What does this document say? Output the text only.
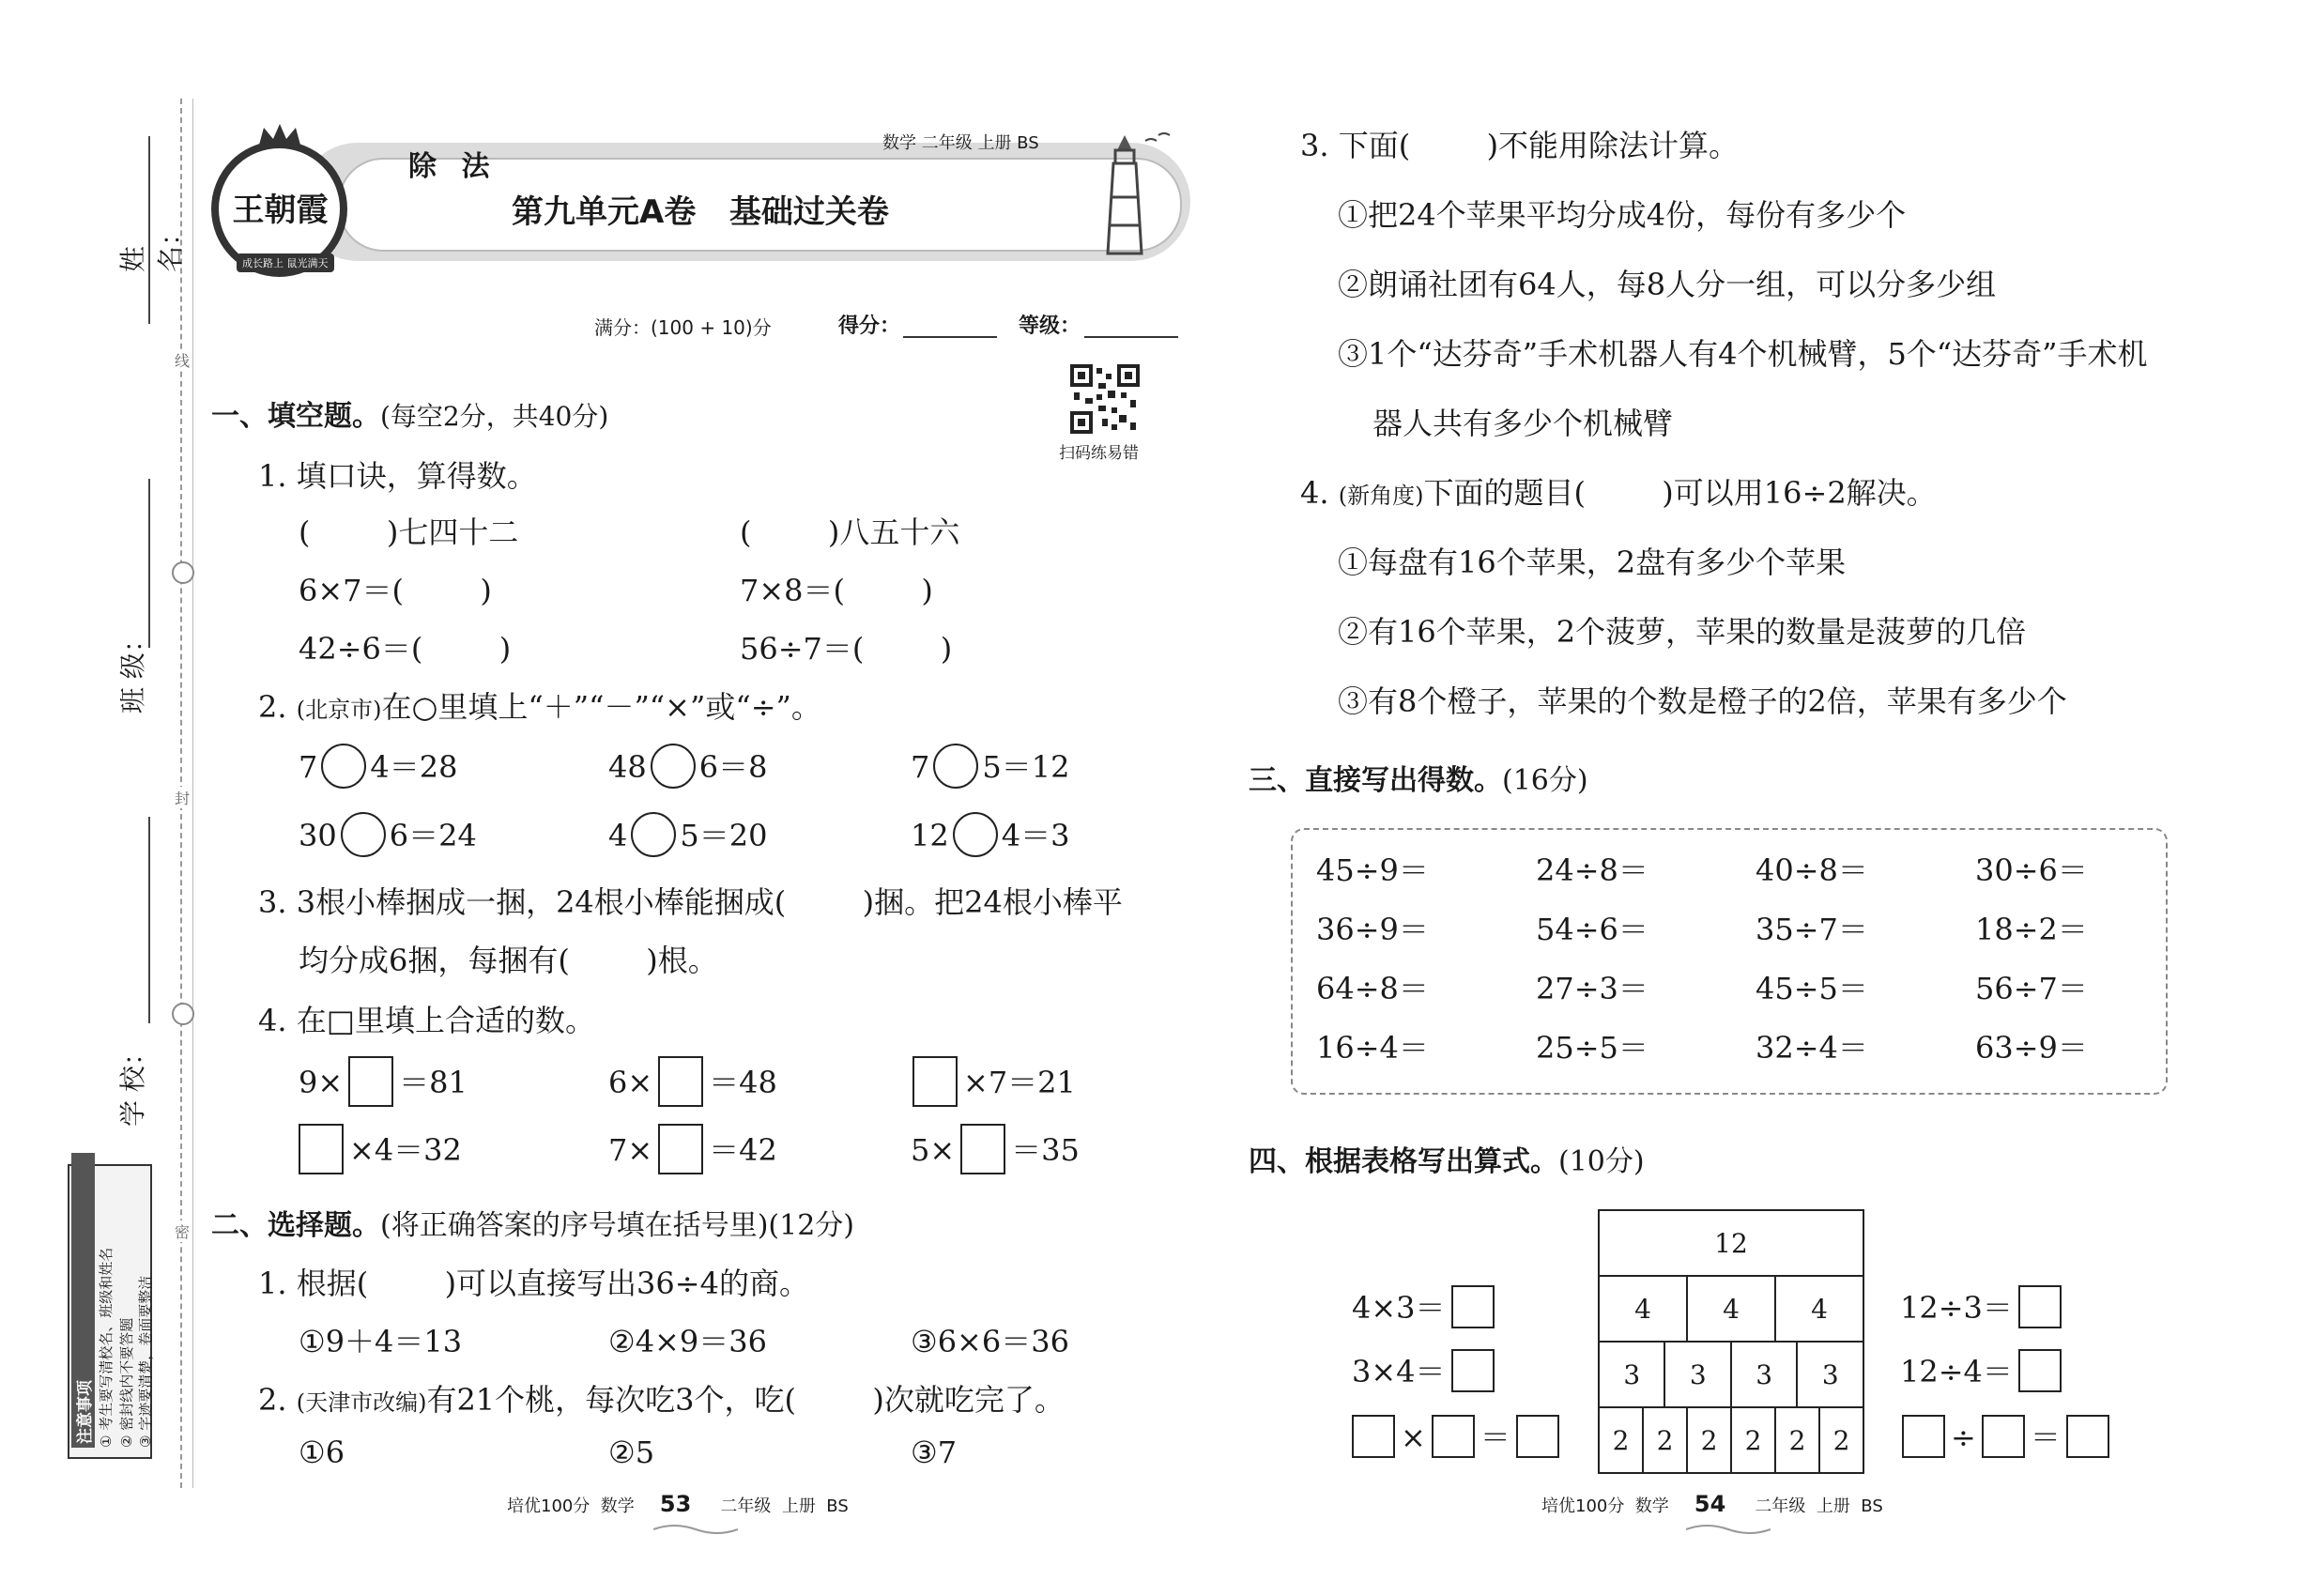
姓 名：
班 级：
学 校：
线
封
密
注意事项 ① 考生要写清校名、班级和姓名 ② 密封线内不要答题 ③ 字迹要清楚，卷面要整洁
王朝霞
成长路上 鼠光满天
除 法
数学 二年级 上册 BS
第九单元A卷   基础过关卷
满分：(100 + 10)分	得分：	等级：
扫码练易错
一、填空题。(每空2分，共40分)
1. 填口诀，算得数。
(        )七四十二	(        )八五十六
6×7＝(        )	7×8＝(        )
42÷6＝(        )	56÷7＝(        )
2. (北京市)在○里填上“＋”“－”“×”或“÷”。
7 4＝28	48 6＝8	7 5＝12
30 6＝24	4 5＝20	12 4＝3
3. 3根小棒捆成一捆，24根小棒能捆成(        )捆。把24根小棒平
均分成6捆，每捆有(        )根。
4. 在□里填上合适的数。
9× ＝81	6× ＝48	×7＝21
×4＝32	7× ＝42	5× ＝35
二、选择题。(将正确答案的序号填在括号里)(12分)
1. 根据(        )可以直接写出36÷4的商。
①9＋4＝13	②4×9＝36	③6×6＝36
2. (天津市改编)有21个桃，每次吃3个，吃(        )次就吃完了。
①6	②5	③7
培优100分  数学 53 二年级  上册  BS
3. 下面(        )不能用除法计算。
①把24个苹果平均分成4份，每份有多少个
②朗诵社团有64人，每8人分一组，可以分多少组
③1个“达芬奇”手术机器人有4个机械臂，5个“达芬奇”手术机
器人共有多少个机械臂
4. (新角度)下面的题目(        )可以用16÷2解决。
①每盘有16个苹果，2盘有多少个苹果
②有16个苹果，2个菠萝，苹果的数量是菠萝的几倍
③有8个橙子，苹果的个数是橙子的2倍，苹果有多少个
三、直接写出得数。(16分)
45÷9＝	24÷8＝	40÷8＝	30÷6＝
36÷9＝	54÷6＝	35÷7＝	18÷2＝
64÷8＝	27÷3＝	45÷5＝	56÷7＝
16÷4＝	25÷5＝	32÷4＝	63÷9＝
四、根据表格写出算式。(10分)
4×3＝
3×4＝
× ＝
12							
4			4		4		
3		3		3		3	
2	2		2	2	2		2
12÷3＝
12÷4＝
÷ ＝
培优100分  数学 54 二年级  上册  BS
